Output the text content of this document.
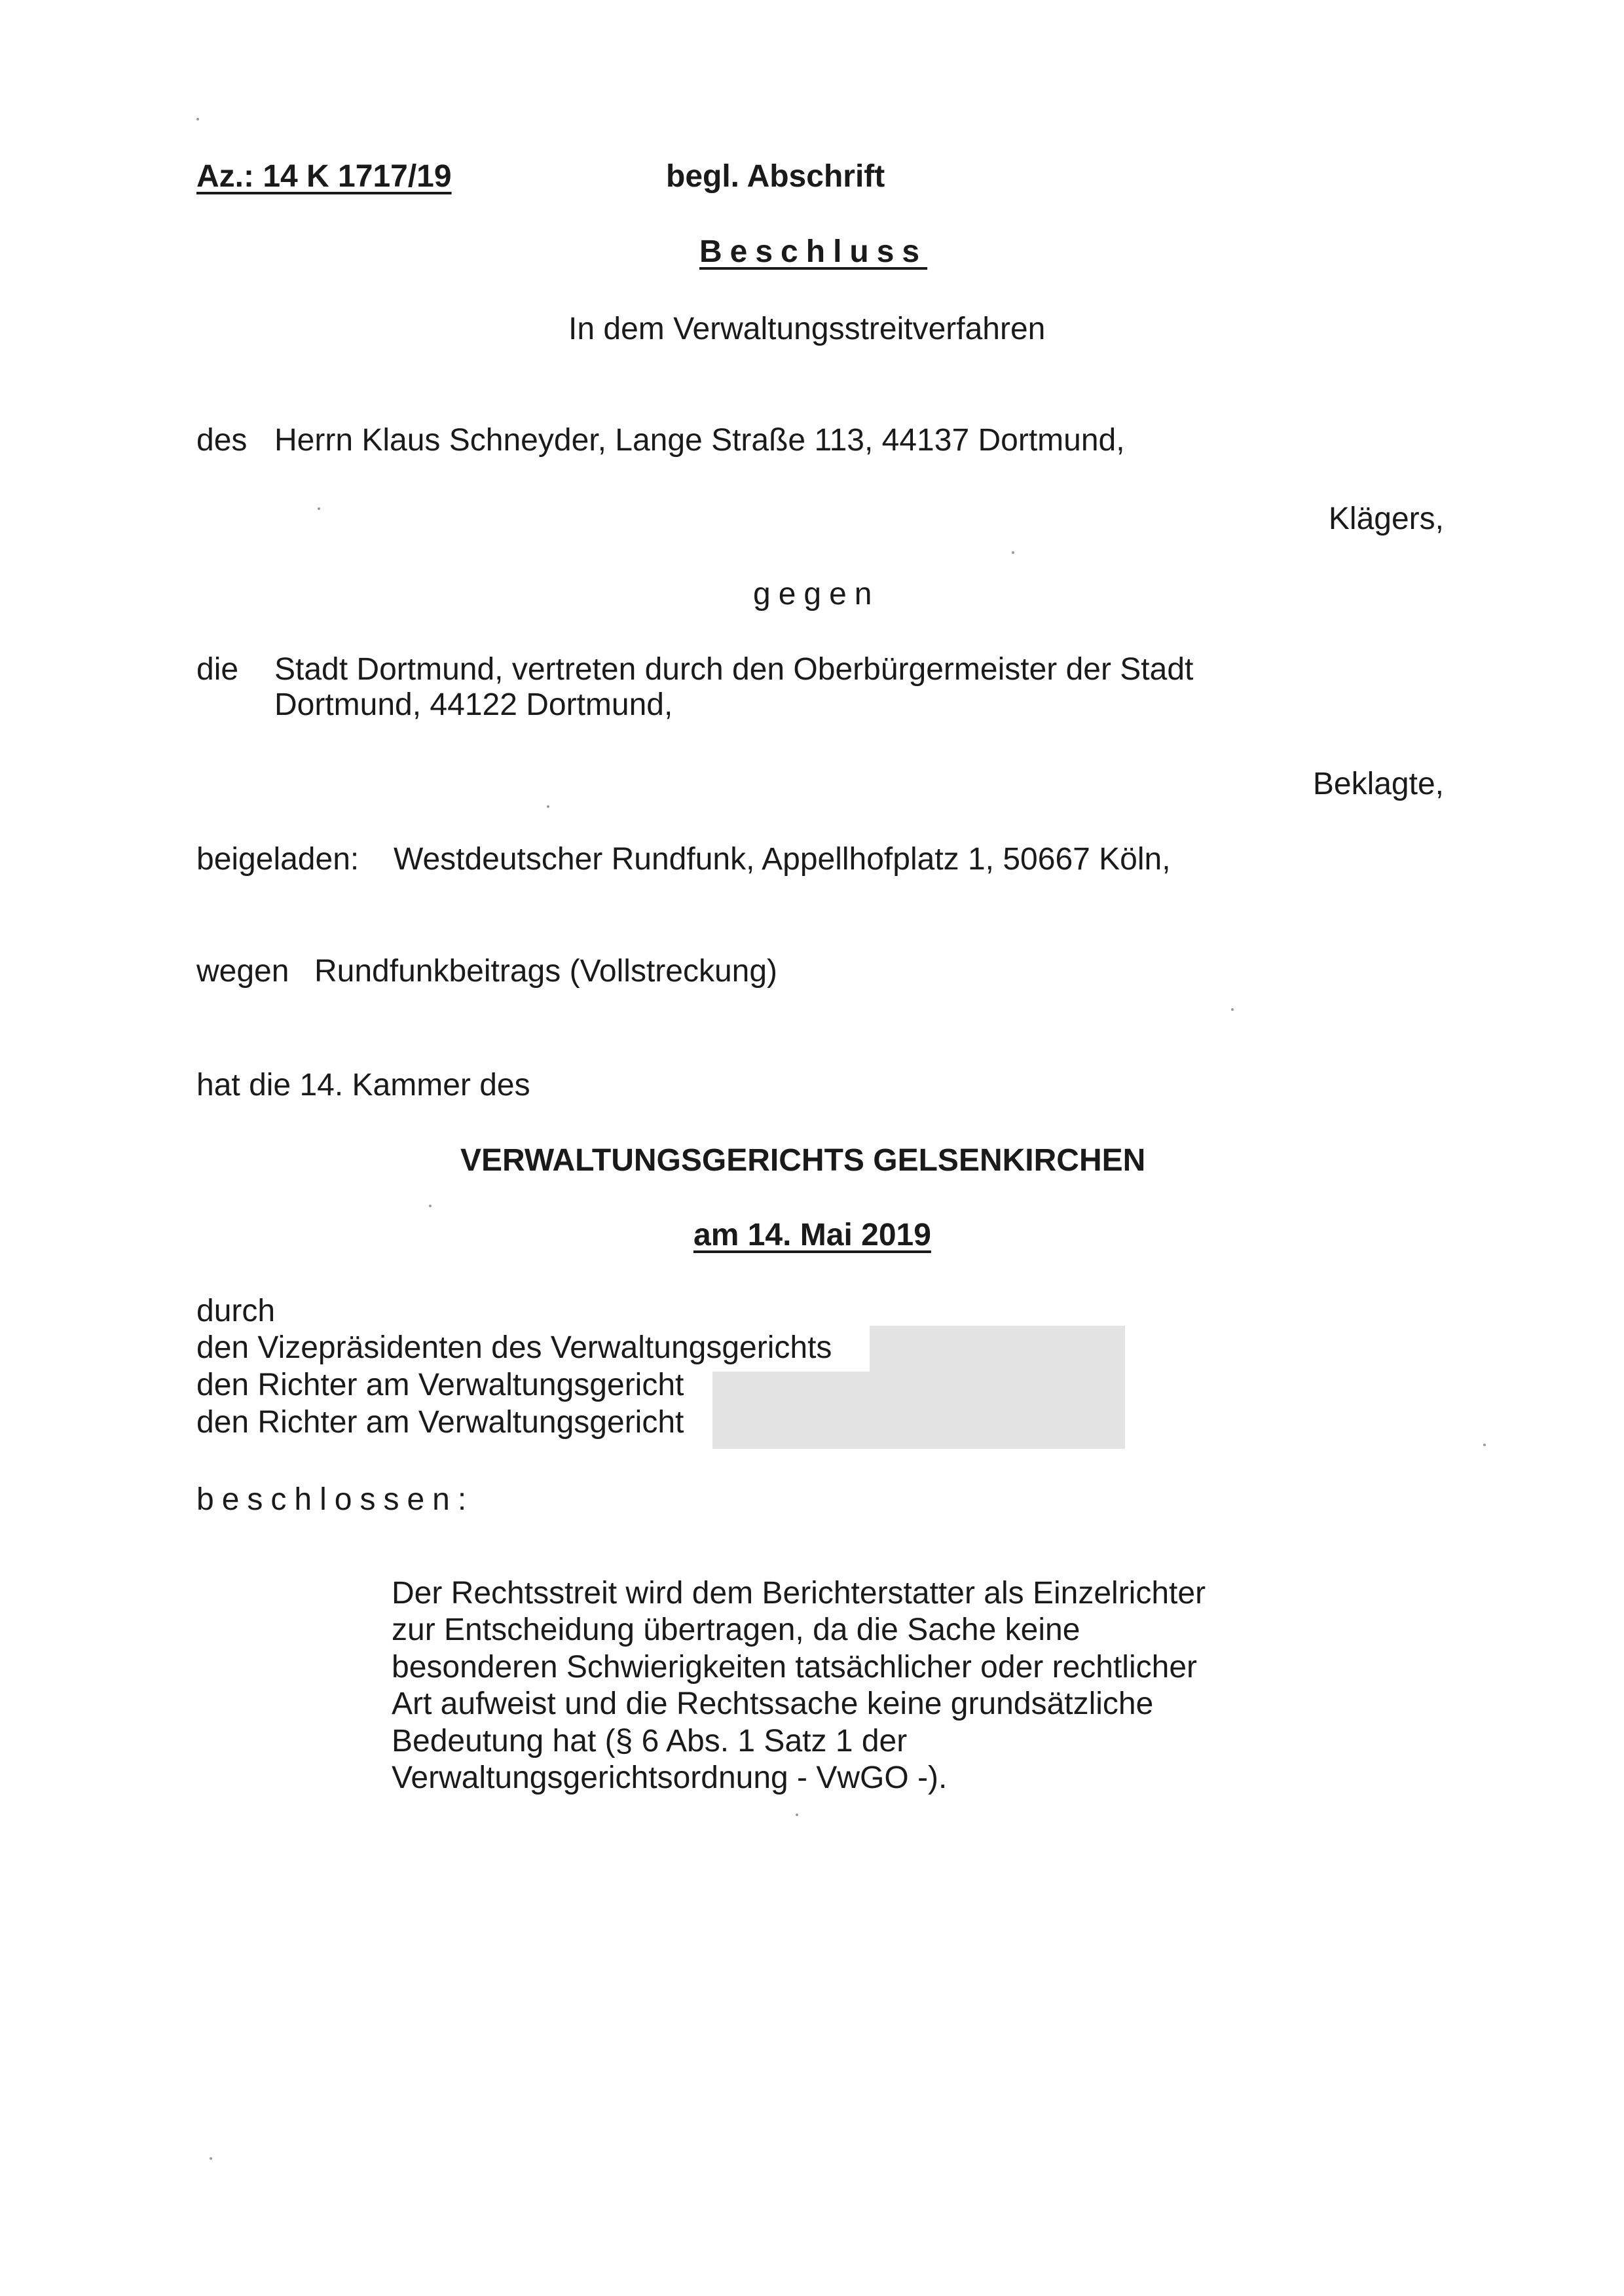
Az.: 14 K 1717/19	begl. Abschrift
Beschluss
In dem Verwaltungsstreitverfahren
des Herrn Klaus Schneyder, Lange Straße 113, 44137 Dortmund,
Klägers,
gegen
die Stadt Dortmund, vertreten durch den Oberbürgermeister der Stadt
Dortmund, 44122 Dortmund,
Beklagte,
beigeladen: Westdeutscher Rundfunk, Appellhofplatz 1, 50667 Köln,
wegen Rundfunkbeitrags (Vollstreckung)
hat die 14. Kammer des
VERWALTUNGSGERICHTS GELSENKIRCHEN
am 14. Mai 2019
durch
den Vizepräsidenten des Verwaltungsgerichts
den Richter am Verwaltungsgericht
den Richter am Verwaltungsgericht
beschlossen:
Der Rechtsstreit wird dem Berichterstatter als Einzelrichter
zur Entscheidung übertragen, da die Sache keine
besonderen Schwierigkeiten tatsächlicher oder rechtlicher
Art aufweist und die Rechtssache keine grundsätzliche
Bedeutung hat (§ 6 Abs. 1 Satz 1 der
Verwaltungsgerichtsordnung - VwGO -).
